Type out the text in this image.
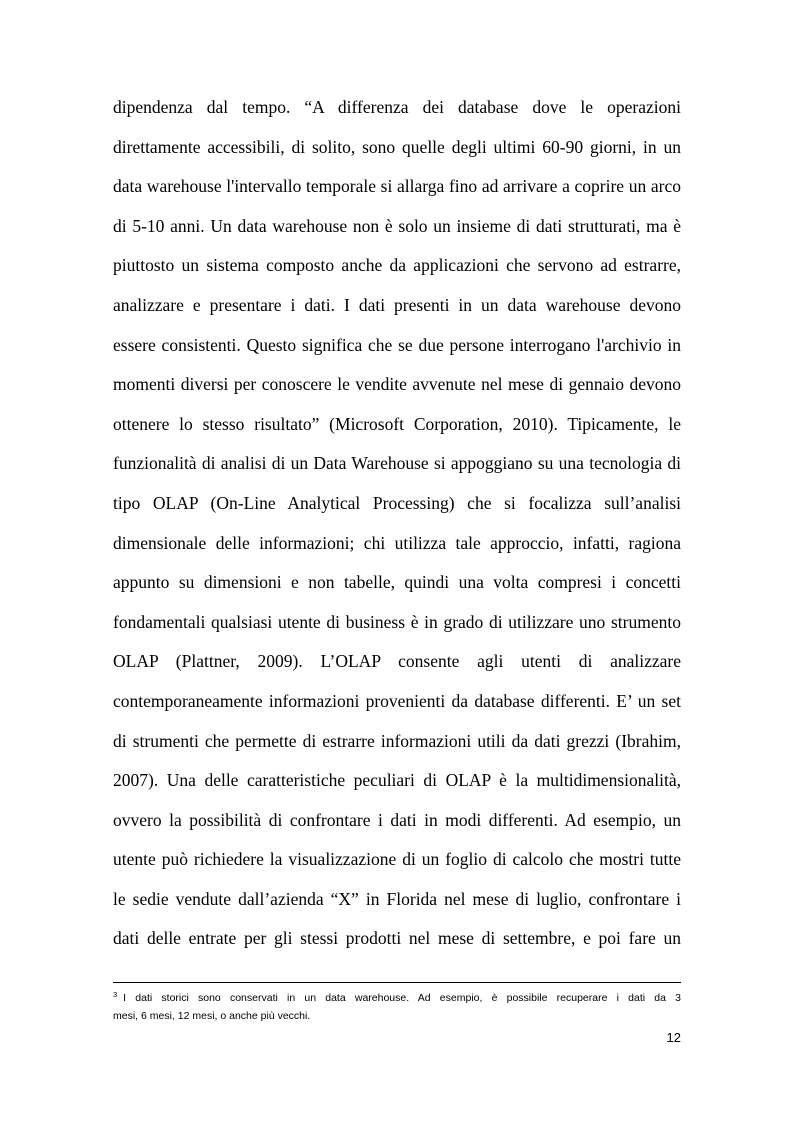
dipendenza dal tempo. “A differenza dei database dove le operazioni
direttamente accessibili, di solito, sono quelle degli ultimi 60-90 giorni, in un
data warehouse l'intervallo temporale si allarga fino ad arrivare a coprire un arco
di 5-10 anni. Un data warehouse non è solo un insieme di dati strutturati, ma è
piuttosto un sistema composto anche da applicazioni che servono ad estrarre,
analizzare e presentare i dati. I dati presenti in un data warehouse devono
essere consistenti. Questo significa che se due persone interrogano l'archivio in
momenti diversi per conoscere le vendite avvenute nel mese di gennaio devono
ottenere lo stesso risultato” (Microsoft Corporation, 2010). Tipicamente, le
funzionalità di analisi di un Data Warehouse si appoggiano su una tecnologia di
tipo OLAP (On-Line Analytical Processing) che si focalizza sull’analisi
dimensionale delle informazioni; chi utilizza tale approccio, infatti, ragiona
appunto su dimensioni e non tabelle, quindi una volta compresi i concetti
fondamentali qualsiasi utente di business è in grado di utilizzare uno strumento
OLAP (Plattner, 2009). L’OLAP consente agli utenti di analizzare
contemporaneamente informazioni provenienti da database differenti. E’ un set
di strumenti che permette di estrarre informazioni utili da dati grezzi (Ibrahim,
2007). Una delle caratteristiche peculiari di OLAP è la multidimensionalità,
ovvero la possibilità di confrontare i dati in modi differenti. Ad esempio, un
utente può richiedere la visualizzazione di un foglio di calcolo che mostri tutte
le sedie vendute dall’azienda “X” in Florida nel mese di luglio, confrontare i
dati delle entrate per gli stessi prodotti nel mese di settembre, e poi fare un
$^3$ I dati storici sono conservati in un data warehouse. Ad esempio, è possibile recuperare i dati da 3
mesi, 6 mesi, 12 mesi, o anche più vecchi.
12
